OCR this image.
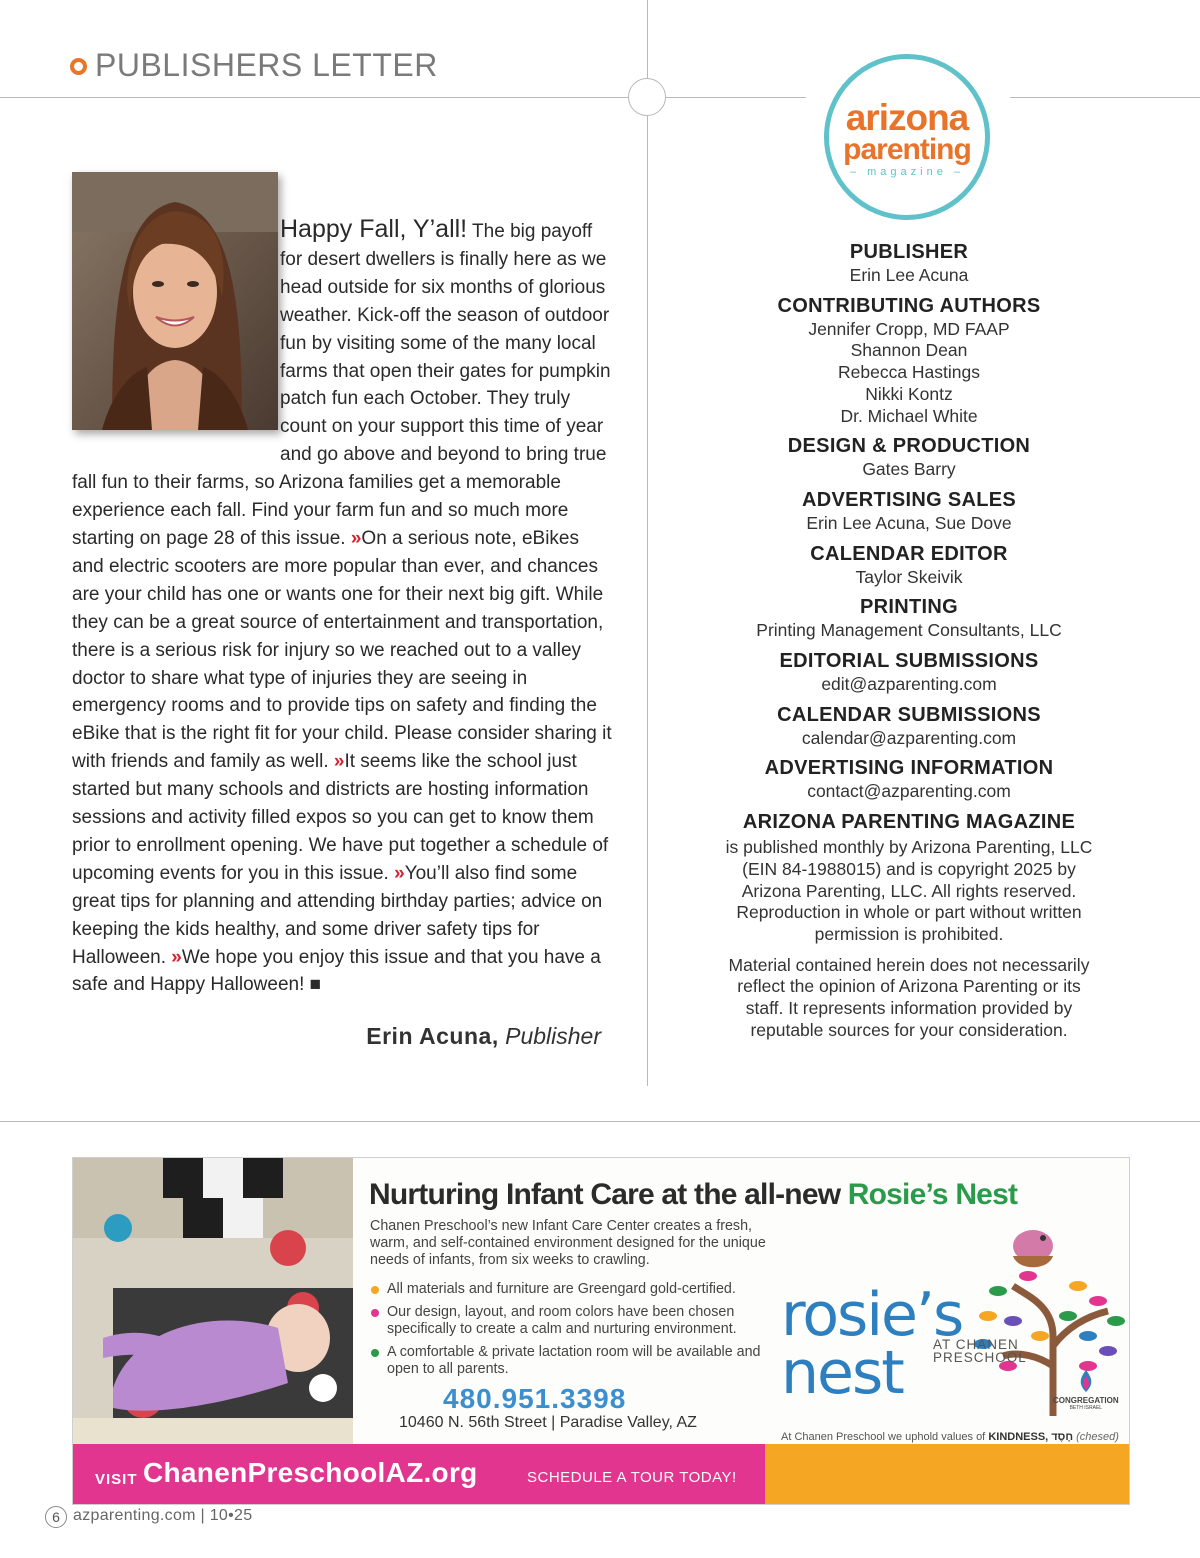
PUBLISHERS LETTER
Happy Fall, Y’all! The big payoff for desert dwellers is finally here as we head outside for six months of glorious weather. Kick-off the season of outdoor fun by visiting some of the many local farms that open their gates for pumpkin patch fun each October. They truly count on your support this time of year and go above and beyond to bring true fall fun to their farms, so Arizona families get a memorable experience each fall. Find your farm fun and so much more starting on page 28 of this issue. »On a serious note, eBikes and electric scooters are more popular than ever, and chances are your child has one or wants one for their next big gift. While they can be a great source of entertainment and transportation, there is a serious risk for injury so we reached out to a valley doctor to share what type of injuries they are seeing in emergency rooms and to provide tips on safety and finding the eBike that is the right fit for your child. Please consider sharing it with friends and family as well. »It seems like the school just started but many schools and districts are hosting information sessions and activity filled expos so you can get to know them prior to enrollment opening. We have put together a schedule of upcoming events for you in this issue. »You’ll also find some great tips for planning and attending birthday parties; advice on keeping the kids healthy, and some driver safety tips for Halloween. »We hope you enjoy this issue and that you have a safe and Happy Halloween! ■
Erin Acuna, Publisher
arizona
parenting
– magazine –
PUBLISHER
Erin Lee Acuna
CONTRIBUTING AUTHORS
Jennifer Cropp, MD FAAP
Shannon Dean
Rebecca Hastings
Nikki Kontz
Dr. Michael White
DESIGN & PRODUCTION
Gates Barry
ADVERTISING SALES
Erin Lee Acuna, Sue Dove
CALENDAR EDITOR
Taylor Skeivik
PRINTING
Printing Management Consultants, LLC
EDITORIAL SUBMISSIONS
edit@azparenting.com
CALENDAR SUBMISSIONS
calendar@azparenting.com
ADVERTISING INFORMATION
contact@azparenting.com
ARIZONA PARENTING MAGAZINE
is published monthly by Arizona Parenting, LLC (EIN 84-1988015) and is copyright 2025 by Arizona Parenting, LLC. All rights reserved. Reproduction in whole or part without written permission is prohibited.
Material contained herein does not necessarily reflect the opinion of Arizona Parenting or its staff. It represents information provided by reputable sources for your consideration.
Nurturing Infant Care at the all-new Rosie’s Nest
Chanen Preschool’s new Infant Care Center creates a fresh, warm, and self-contained environment designed for the unique needs of infants, from six weeks to crawling.
All materials and furniture are Greengard gold-certified.
Our design, layout, and room colors have been chosen specifically to create a calm and nurturing environment.
A comfortable & private lactation room will be available and open to all parents.
480.951.3398
10460 N. 56th Street | Paradise Valley, AZ
rosie’s
nest	AT CHANEN
PRESCHOOL
CONGREGATION
BETH ISRAEL
At Chanen Preschool we uphold values of KINDNESS, חֶסֶד (chesed)
VISIT ChanenPreschoolAZ.org	SCHEDULE A TOUR TODAY!
6 azparenting.com | 10•25
